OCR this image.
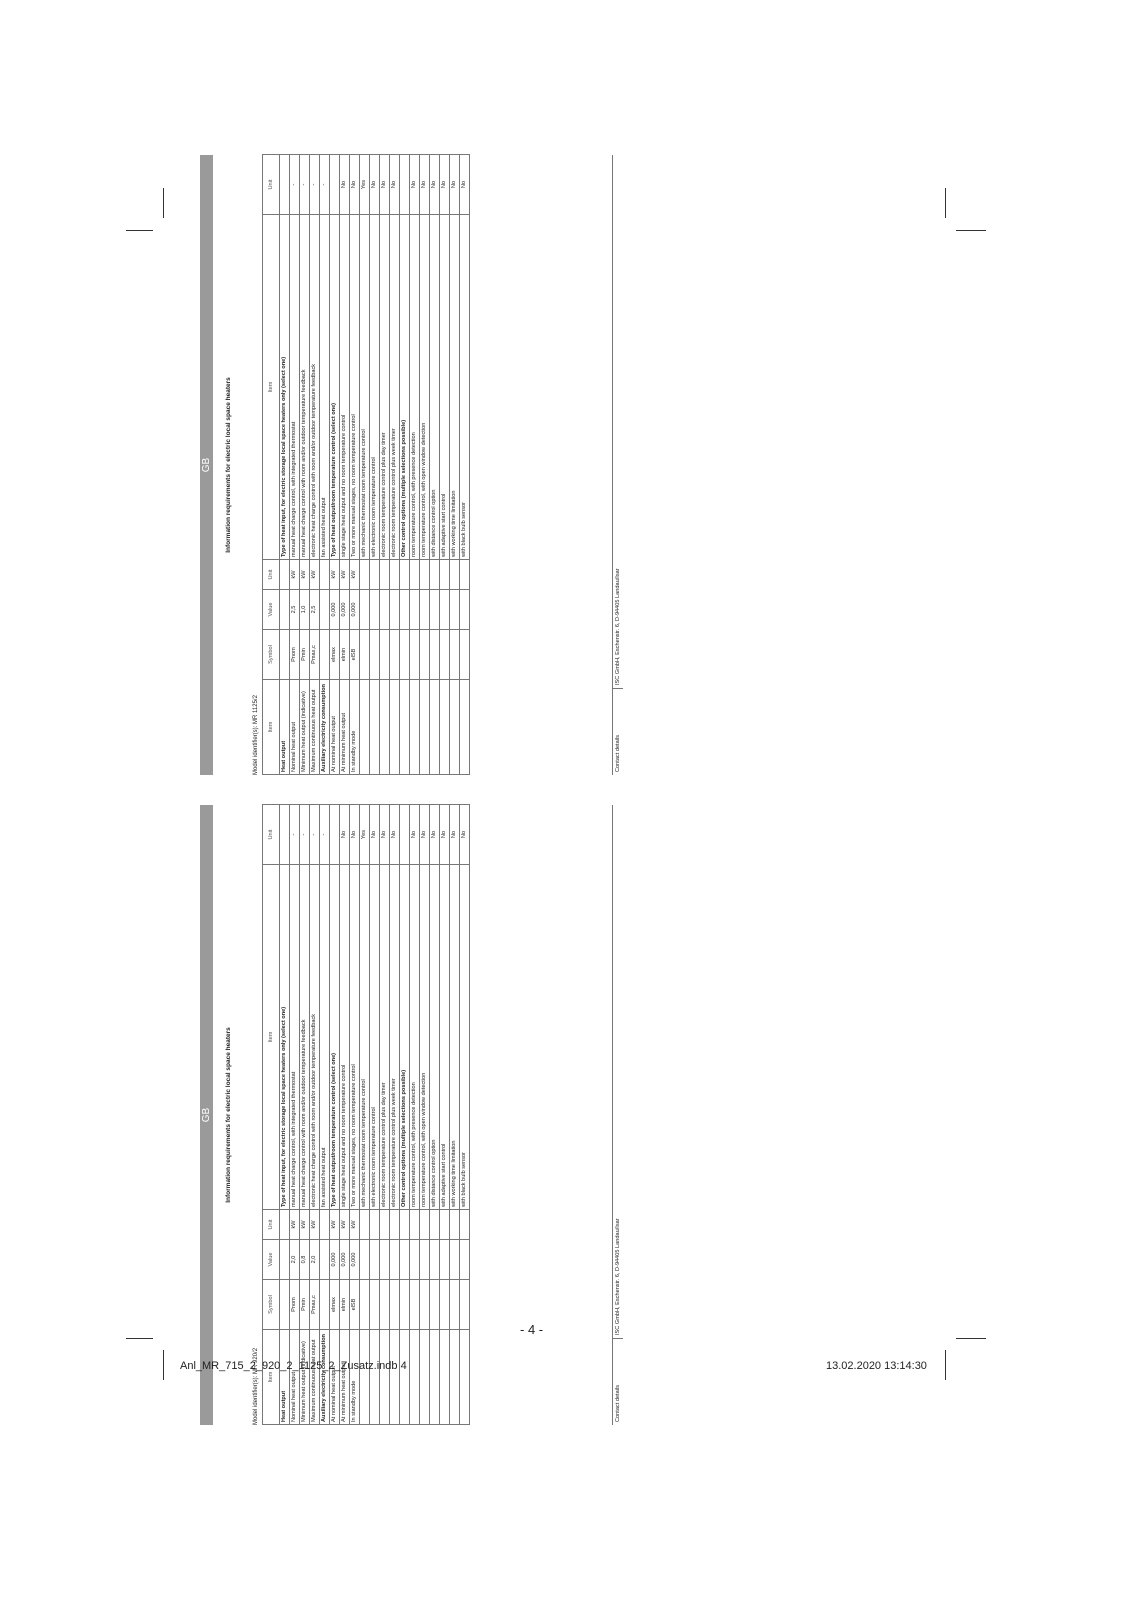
GB Information requirements for electric local space heaters
Model identifier(s): MR 920/2 Item	Symbol	Value	Unit	Item	Unit
Heat output				Type of heat input, for electric storage local space heaters only (select one)	
Nominal heat output	Pnom	2,0	kW	manual heat charge control, with integrated thermostat	-
Minimum heat output (indicative)	Pmin	0,8	kW	manual heat charge control with room and/or outdoor temperature feedback	-
Maximum continuous heat output	Pmax,c	2,0	kW	electronic heat charge control with room and/or outdoor temperature feedback	-
Auxiliary electricity consumption				fan assisted heat output	-
At nominal heat output	elmax	0,000	kW	Type of heat output/room temperature control (select one)	
At minimum heat output	elmin	0,000	kW	single stage heat output and no room temperature control	No
In standby mode	elSB	0,000	kW	Two or more manual stages, no room temperature control	No
				with mechanic thermostat room temperature control	Yes
				with electronic room temperature control	No
				electronic room temperature control plus day timer	No
				electronic room temperature control plus week timer	No
				Other control options (multiple selections possible)	
				room temperature control, with presence detection	No
				room temperature control, with open window detection	No
				with distance control option	No
				with adaptive start control	No
				with working time limitation	No
				with black bulb sensor	No
Contact detailsISC GmbH, Eschenstr. 6, D-94405 Landau/Isar
GB Information requirements for electric local space heaters
Model identifier(s): MR 1125/2 Item	Symbol	Value	Unit	Item	Unit
Heat output				Type of heat input, for electric storage local space heaters only (select one)	
Nominal heat output	Pnom	2,5	kW	manual heat charge control, with integrated thermostat	-
Minimum heat output (indicative)	Pmin	1,0	kW	manual heat charge control with room and/or outdoor temperature feedback	-
Maximum continuous heat output	Pmax,c	2,5	kW	electronic heat charge control with room and/or outdoor temperature feedback	-
Auxiliary electricity consumption				fan assisted heat output	-
At nominal heat output	elmax	0,000	kW	Type of heat output/room temperature control (select one)	
At minimum heat output	elmin	0,000	kW	single stage heat output and no room temperature control	No
In standby mode	elSB	0,000	kW	Two or more manual stages, no room temperature control	No
				with mechanic thermostat room temperature control	Yes
				with electronic room temperature control	No
				electronic room temperature control plus day timer	No
				electronic room temperature control plus week timer	No
				Other control options (multiple selections possible)	
				room temperature control, with presence detection	No
				room temperature control, with open window detection	No
				with distance control option	No
				with adaptive start control	No
				with working time limitation	No
				with black bulb sensor	No
Contact detailsISC GmbH, Eschenstr. 6, D-94405 Landau/Isar
- 4 -
Anl_MR_715_2_920_2_1125_2_Zusatz.indb 4	13.02.2020 13:14:30
